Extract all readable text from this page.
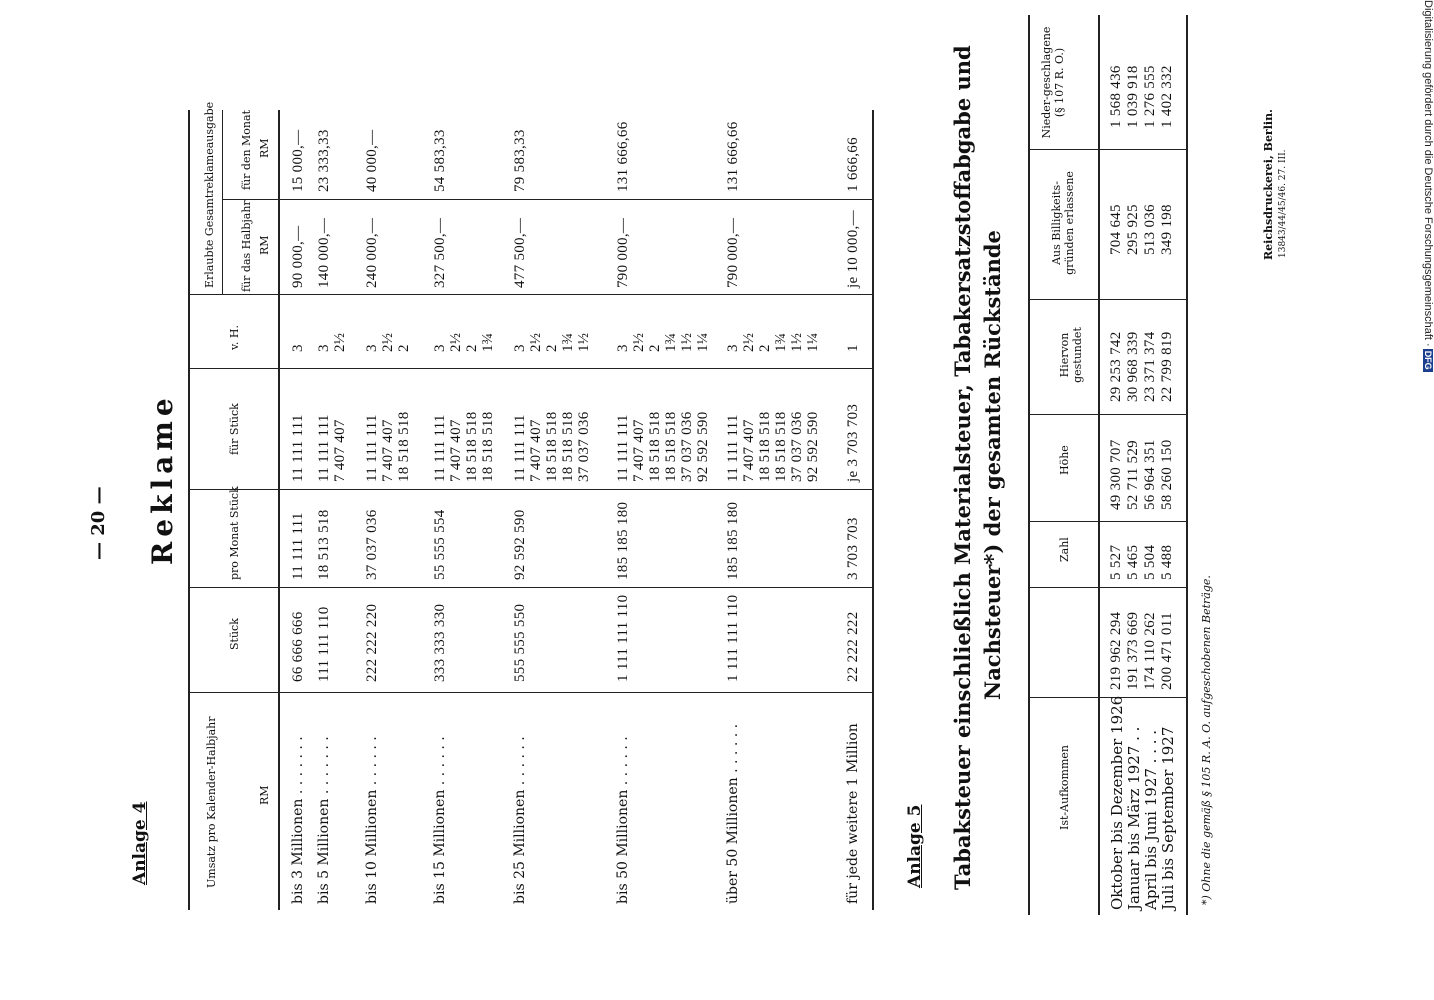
— 20 —
Anlage 4
Reklame
Umsatz pro Kalender-Halbjahr	RM
Stück
pro Monat Stück
für Stück
v. H.
Erlaubte Gesamtreklameausgabe für das Halbjahr RM
für den Monat RM
bis 3 Millionen . . . . . . .
66 666 666
11 111 111
11 111 111
3
90 000,—
15 000,—
bis 5 Millionen . . . . . . .
111 111 110
18 513 518
11 111 111 7 407 407
3 2½
140 000,—
23 333,33
bis 10 Millionen . . . . . .
222 222 220
37 037 036
11 111 111 7 407 407 18 518 518
3 2½ 2
240 000,—
40 000,—
bis 15 Millionen . . . . . .
333 333 330
55 555 554
11 111 111 7 407 407 18 518 518 18 518 518
3 2½ 2 1¾
327 500,—
54 583,33
bis 25 Millionen . . . . . .
555 555 550
92 592 590
11 111 111 7 407 407 18 518 518 18 518 518 37 037 036
3 2½ 2 1¾ 1½
477 500,—
79 583,33
bis 50 Millionen . . . . . .
1 111 111 110
185 185 180
11 111 111 7 407 407 18 518 518 18 518 518 37 037 036 92 592 590
3 2½ 2 1¾ 1½ 1¼
790 000,—
131 666,66
über 50 Millionen . . . . . .
1 111 111 110
185 185 180
11 111 111 7 407 407 18 518 518 18 518 518 37 037 036 92 592 590
3 2½ 2 1¾ 1½ 1¼
790 000,—
131 666,66
für jede weitere 1 Million
22 222 222
3 703 703
je 3 703 703
1
je 10 000,—
1 666,66
Anlage 5 Tabaksteuer einschließlich Materialsteuer, Tabakersatzstoffabgabe und Nachsteuer*) der gesamten Rückstände
Ist-Aufkommen
Zahl
Höhe
Hiervon gestundet
Aus Billigkeits-gründen erlassene
Nieder-geschlagene (§ 107 R. O.)
Oktober bis Dezember 1926
219 962 294
5 527
49 300 707
29 253 742
704 645
1 568 436
Januar bis März 1927 . .
191 373 669
5 465
52 711 529
30 968 339
295 925
1 039 918
April bis Juni 1927 . . . .
174 110 262
5 504
56 964 351
23 371 374
513 036
1 276 555
Juli bis September 1927
200 471 011
5 488
58 260 150
22 799 819
349 198
1 402 332
*) Ohne die gemäß § 105 R. A. O. aufgeschobenen Beträge.
Reichsdruckerei, Berlin. 13843/44/45/46. 27. III.	Digitalisierung gefördert durch die Deutsche Forschungsgemeinschaft ·DFG
